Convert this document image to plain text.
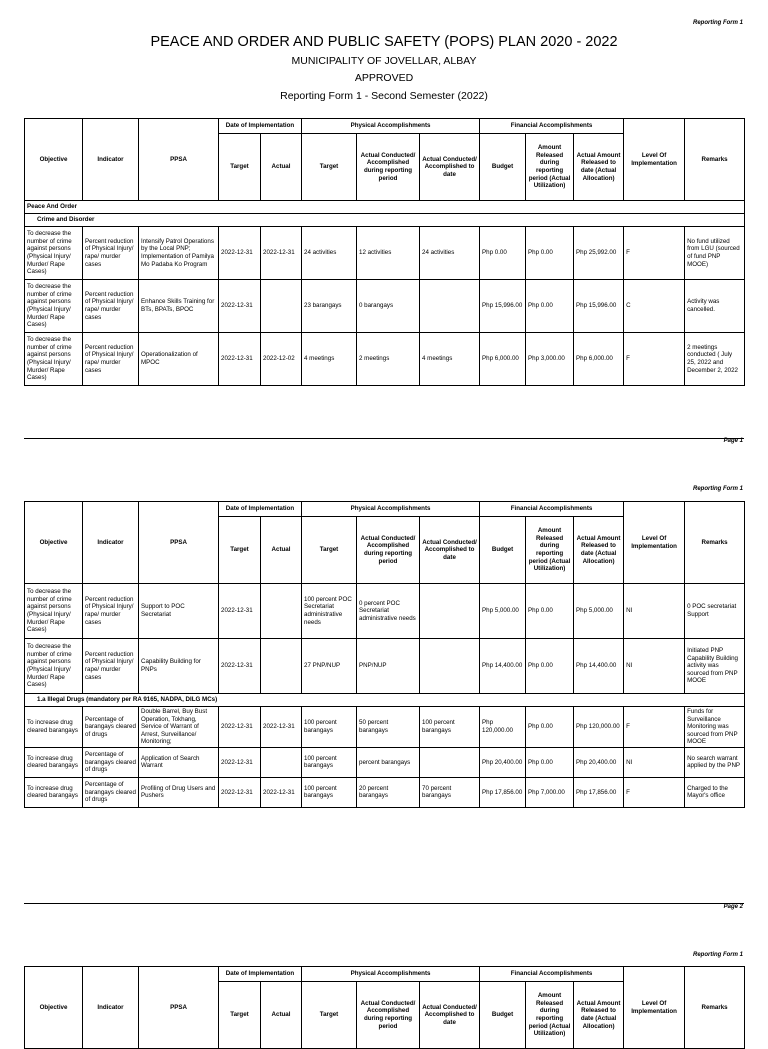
Reporting Form 1
PEACE AND ORDER AND PUBLIC SAFETY (POPS) PLAN 2020 - 2022
MUNICIPALITY OF JOVELLAR, ALBAY
APPROVED
Reporting Form 1 - Second Semester (2022)
Objective	Indicator	PPSA	Date of Implementation		Physical Accomplishments			Financial Accomplishments			Level Of Implementation	Remarks
			Target	Actual	Target	Actual Conducted/ Accomplished during reporting period	Actual Conducted/ Accomplished to date	Budget	Amount Released during reporting period (Actual Utilization)	Actual Amount Released to date (Actual Allocation)		
Peace And Order												
Crime and Disorder												
To decrease the number of crime against persons (Physical Injury/ Murder/ Rape Cases)	Percent reduction of Physical Injury/ rape/ murder cases	Intensify Patrol Operations by the Local PNP; Implementation of Pamilya Mo Padaba Ko Program	2022-12-31	2022-12-31	24 activities	12 activities	24 activities	Php 0.00	Php 0.00	Php 25,992.00	F	No fund utilized from LGU (sourced of fund PNP MOOE)
To decrease the number of crime against persons (Physical Injury/ Murder/ Rape Cases)	Percent reduction of Physical Injury/ rape/ murder cases	Enhance Skills Training for BTs, BPATs, BPOC	2022-12-31		23 barangays	0 barangays		Php 15,996.00	Php 0.00	Php 15,996.00	C	Activity was cancelled.
To decrease the number of crime against persons (Physical Injury/ Murder/ Rape Cases)	Percent reduction of Physical Injury/ rape/ murder cases	Operationalization of MPOC	2022-12-31	2022-12-02	4 meetings	2 meetings	4 meetings	Php 6,000.00	Php 3,000.00	Php 6,000.00	F	2 meetings conducted ( July 25, 2022 and December 2, 2022
Page 1
Reporting Form 1
Objective	Indicator	PPSA	Date of Implementation		Physical Accomplishments			Financial Accomplishments			Level Of Implementation	Remarks
			Target	Actual	Target	Actual Conducted/ Accomplished during reporting period	Actual Conducted/ Accomplished to date	Budget	Amount Released during reporting period (Actual Utilization)	Actual Amount Released to date (Actual Allocation)		
To decrease the number of crime against persons (Physical Injury/ Murder/ Rape Cases)	Percent reduction of Physical Injury/ rape/ murder cases	Support to POC Secretariat	2022-12-31		100 percent POC Secretariat administrative needs	0 percent POC Secretariat administrative needs		Php 5,000.00	Php 0.00	Php 5,000.00	NI	0 POC secretariat Support
To decrease the number of crime against persons (Physical Injury/ Murder/ Rape Cases)	Percent reduction of Physical Injury/ rape/ murder cases	Capability Building for PNPs	2022-12-31		27 PNP/NUP	PNP/NUP		Php 14,400.00	Php 0.00	Php 14,400.00	NI	Initiated PNP Capability Building activity was sourced from PNP MOOE
1.a Illegal Drugs (mandatory per RA 9165, NADPA, DILG MCs)												
To increase drug cleared barangays	Percentage of barangays cleared of drugs	Double Barrel, Buy Bust Operation, Tokhang, Service of Warrant of Arrest, Surveillance/ Monitoring;	2022-12-31	2022-12-31	100 percent barangays	50 percent barangays	100 percent barangays	Php 120,000.00	Php 0.00	Php 120,000.00	F	Funds for Surveillance Monitoring was sourced from PNP MOOE
To increase drug cleared barangays	Percentage of barangays cleared of drugs	Application of Search Warrant	2022-12-31		100 percent barangays	percent barangays		Php 20,400.00	Php 0.00	Php 20,400.00	NI	No search warrant applied by the PNP
To increase drug cleared barangays	Percentage of barangays cleared of drugs	Profiling of Drug Users and Pushers	2022-12-31	2022-12-31	100 percent barangays	20 percent barangays	70 percent barangays	Php 17,856.00	Php 7,000.00	Php 17,856.00	F	Charged to the Mayor's office
Page 2
Reporting Form 1
Objective	Indicator	PPSA	Date of Implementation		Physical Accomplishments			Financial Accomplishments			Level Of Implementation	Remarks
			Target	Actual	Target	Actual Conducted/ Accomplished during reporting period	Actual Conducted/ Accomplished to date	Budget	Amount Released during reporting period (Actual Utilization)	Actual Amount Released to date (Actual Allocation)		
